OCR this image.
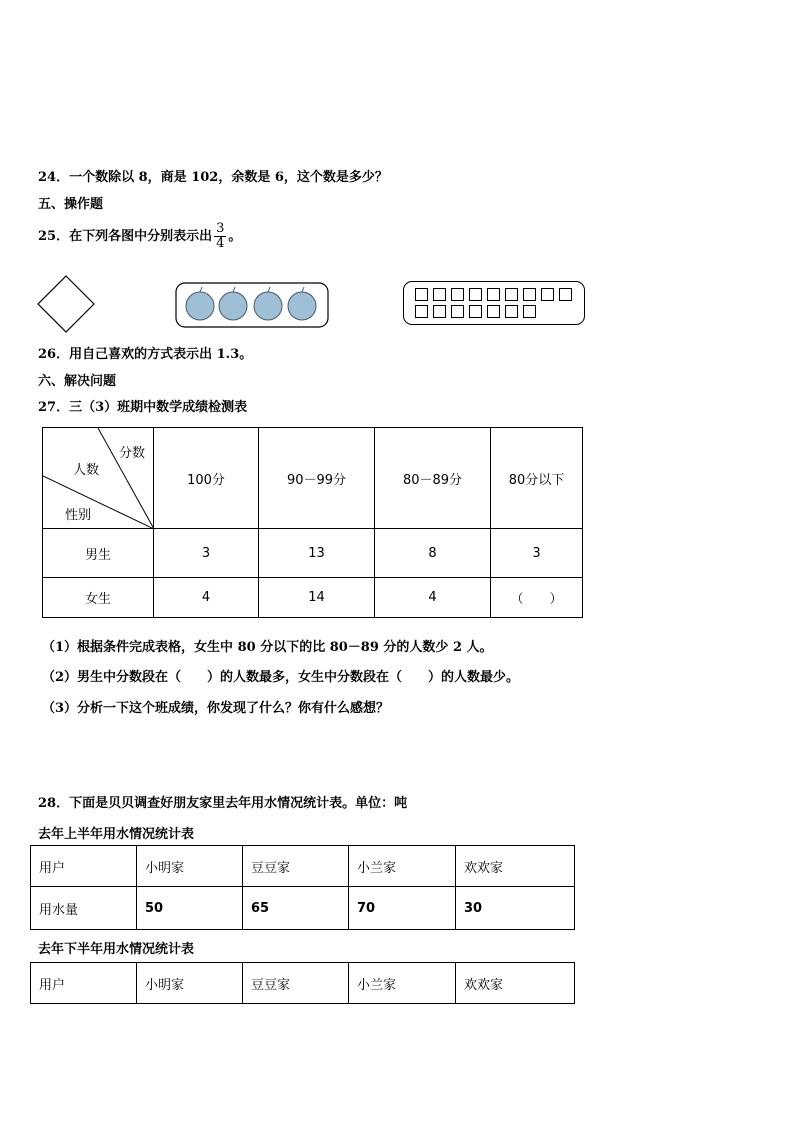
24．一个数除以 8，商是 102，余数是 6，这个数是多少？
五、操作题
25．在下列各图中分别表示出 $\frac{3}{4}$ 。
26．用自己喜欢的方式表示出 1.3。
六、解决问题
27．三（3）班期中数学成绩检测表
分数
人数
性别	100分	90－99分	80－89分	80分以下
男生	3	13	8	3
女生	4	14	4	（　　）
（1）根据条件完成表格，女生中 80 分以下的比 80－89 分的人数少 2 人。
（2）男生中分数段在（　　）的人数最多，女生中分数段在（　　）的人数最少。
（3）分析一下这个班成绩，你发现了什么？你有什么感想？
28．下面是贝贝调查好朋友家里去年用水情况统计表。单位：吨
去年上半年用水情况统计表
用户	小明家	豆豆家	小兰家	欢欢家
用水量	50	65	70	30
去年下半年用水情况统计表
用户	小明家	豆豆家	小兰家	欢欢家
